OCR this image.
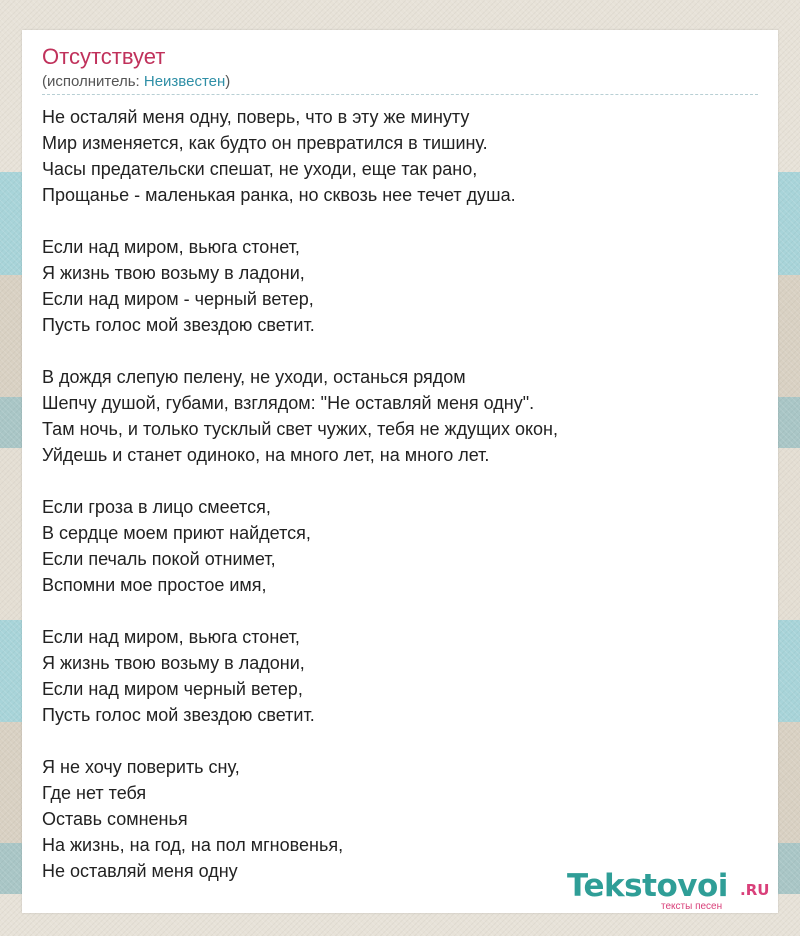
Отсутствует
(исполнитель: Неизвестен)
Не осталяй меня одну, поверь, что в эту же минуту
Мир изменяется, как будто он превратился в тишину.
Часы предательски спешат, не уходи, еще так рано,
Прощанье - маленькая ранка, но сквозь нее течет душа.
Если над миром, вьюга стонет,
Я жизнь твою возьму в ладони,
Если над миром - черный ветер,
Пусть голос мой звездою светит.
В дождя слепую пелену, не уходи, останься рядом
Шепчу душой, губами, взглядом: "Не оставляй меня одну".
Там ночь, и только тусклый свет чужих, тебя не ждущих окон,
Уйдешь и станет одиноко, на много лет, на много лет.
Если гроза в лицо смеется,
В сердце моем приют найдется,
Если печаль покой отнимет,
Вспомни мое простое имя,
Если над миром, вьюга стонет,
Я жизнь твою возьму в ладони,
Если над миром черный ветер,
Пусть голос мой звездою светит.
Я не хочу поверить сну,
Где нет тебя
Оставь сомненья
На жизнь, на год, на пол мгновенья,
Не оставляй меня одну	Tekstovoi .RU
тексты песен
